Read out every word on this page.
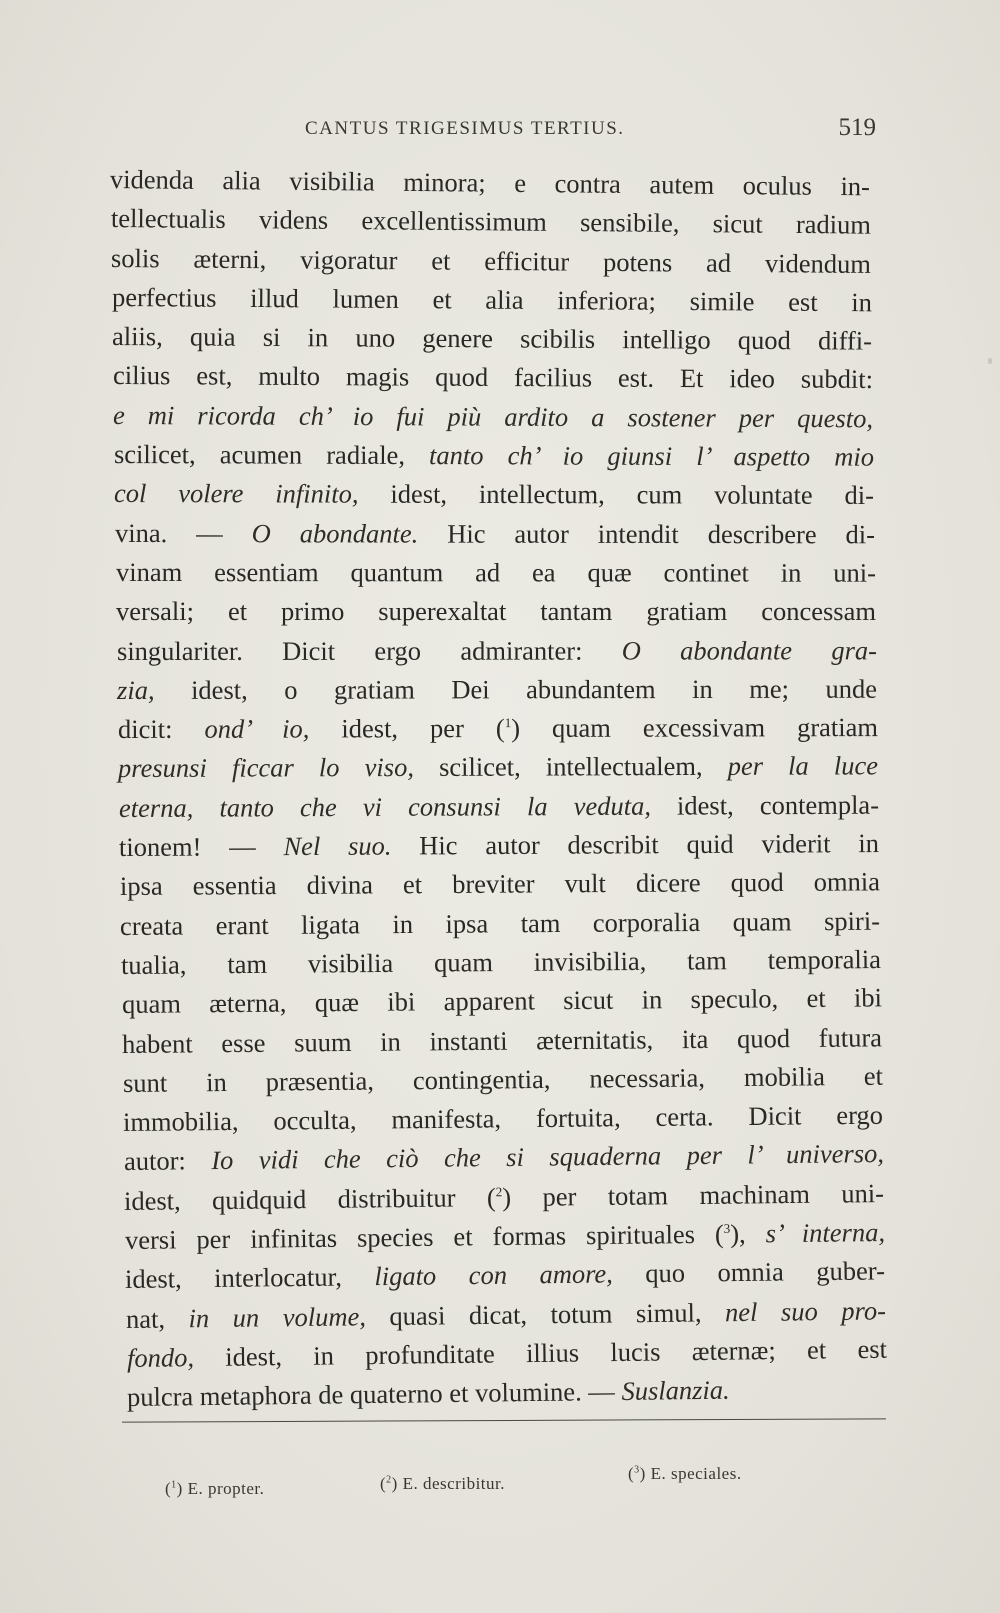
CANTUS TRIGESIMUS TERTIUS.	519
videnda alia visibilia minora; e contra autem oculus in-
tellectualis videns excellentissimum sensibile, sicut radium
solis æterni, vigoratur et efficitur potens ad videndum
perfectius illud lumen et alia inferiora; simile est in
aliis, quia si in uno genere scibilis intelligo quod diffi-
cilius est, multo magis quod facilius est. Et ideo subdit:
e mi ricorda ch’ io fui più ardito a sostener per questo,
scilicet, acumen radiale, tanto ch’ io giunsi l’ aspetto mio
col volere infinito, idest, intellectum, cum voluntate di-
vina. — O abondante. Hic autor intendit describere di-
vinam essentiam quantum ad ea quæ continet in uni-
versali; et primo superexaltat tantam gratiam concessam
singulariter. Dicit ergo admiranter: O abondante gra-
zia, idest, o gratiam Dei abundantem in me; unde
dicit: ond’ io, idest, per ($^1$) quam excessivam gratiam
presunsi ficcar lo viso, scilicet, intellectualem, per la luce
eterna, tanto che vi consunsi la veduta, idest, contempla-
tionem! — Nel suo. Hic autor describit quid viderit in
ipsa essentia divina et breviter vult dicere quod omnia
creata erant ligata in ipsa tam corporalia quam spiri-
tualia, tam visibilia quam invisibilia, tam temporalia
quam æterna, quæ ibi apparent sicut in speculo, et ibi
habent esse suum in instanti æternitatis, ita quod futura
sunt in præsentia, contingentia, necessaria, mobilia et
immobilia, occulta, manifesta, fortuita, certa. Dicit ergo
autor: Io vidi che ciò che si squaderna per l’ universo,
idest, quidquid distribuitur ($^2$) per totam machinam uni-
versi per infinitas species et formas spirituales ($^3$), s’ interna,
idest, interlocatur, ligato con amore, quo omnia guber-
nat, in un volume, quasi dicat, totum simul, nel suo pro-
fondo, idest, in profunditate illius lucis æternæ; et est
pulcra metaphora de quaterno et volumine. — Suslanzia.
($^1$) E. propter.	($^2$) E. describitur.
($^3$) E. speciales.
